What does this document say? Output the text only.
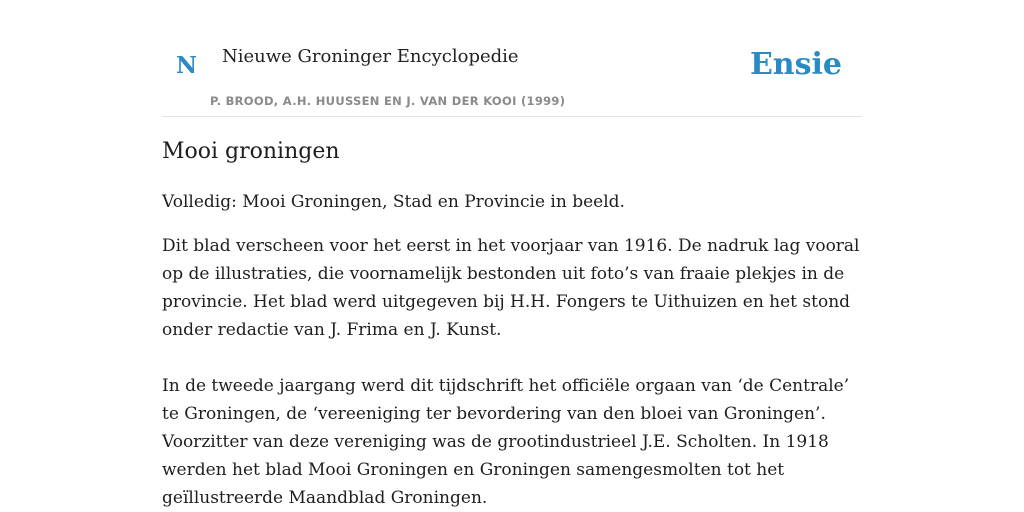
N Nieuwe Groninger Encyclopedie
P. BROOD, A.H. HUUSSEN EN J. VAN DER KOOI (1999)
Ensie
Mooi groningen

Volledig: Mooi Groningen, Stad en Provincie in beeld.

Dit blad verscheen voor het eerst in het voorjaar van 1916. De nadruk lag vooral op de illustraties, die voornamelijk bestonden uit foto’s van fraaie plekjes in de provincie. Het blad werd uitgegeven bij H.H. Fongers te Uithuizen en het stond onder redactie van J. Frima en J. Kunst.

In de tweede jaargang werd dit tijdschrift het officiële orgaan van ‘de Centrale’ te Groningen, de ‘vereeniging ter bevordering van den bloei van Groningen’. Voorzitter van deze vereniging was de grootindustrieel J.E. Scholten. In 1918 werden het blad Mooi Groningen en Groningen samengesmolten tot het geïllustreerde Maandblad Groningen.
